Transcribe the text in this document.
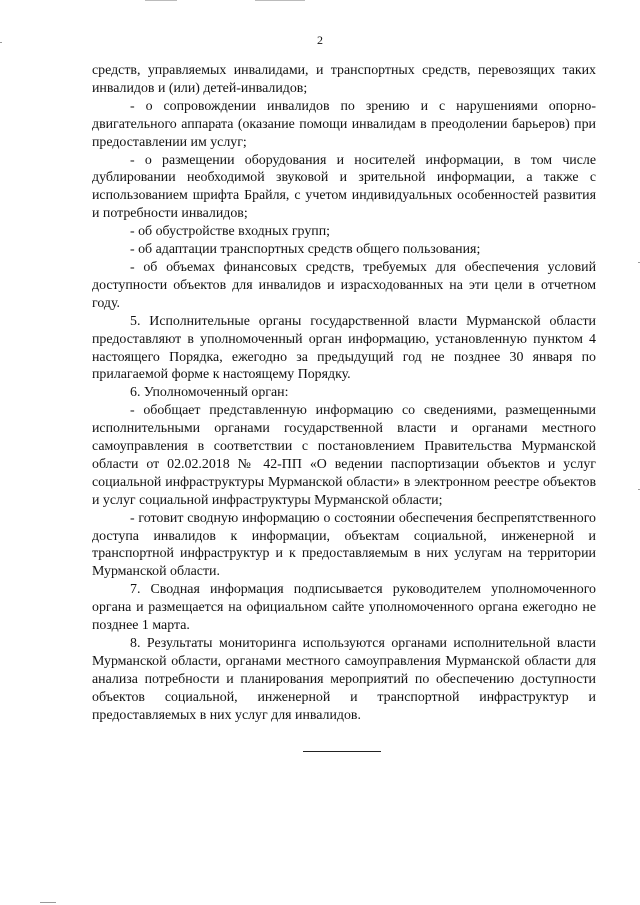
2

средств, управляемых инвалидами, и транспортных средств, перевозящих таких инвалидов и (или) детей-инвалидов;

- о сопровождении инвалидов по зрению и с нарушениями опорно-двигательного аппарата (оказание помощи инвалидам в преодолении барьеров) при предоставлении им услуг;

- о размещении оборудования и носителей информации, в том числе дублировании необходимой звуковой и зрительной информации, а также с использованием шрифта Брайля, с учетом индивидуальных особенностей развития и потребности инвалидов;

- об обустройстве входных групп;

- об адаптации транспортных средств общего пользования;

- об объемах финансовых средств, требуемых для обеспечения условий доступности объектов для инвалидов и израсходованных на эти цели в отчетном году.

5. Исполнительные органы государственной власти Мурманской области предоставляют в уполномоченный орган информацию, установленную пунктом 4 настоящего Порядка, ежегодно за предыдущий год не позднее 30 января по прилагаемой форме к настоящему Порядку.

6. Уполномоченный орган:

- обобщает представленную информацию со сведениями, размещенными исполнительными органами государственной власти и органами местного самоуправления в соответствии с постановлением Правительства Мурманской области от 02.02.2018 № 42-ПП «О ведении паспортизации объектов и услуг социальной инфраструктуры Мурманской области» в электронном реестре объектов и услуг социальной инфраструктуры Мурманской области;

- готовит сводную информацию о состоянии обеспечения беспрепятственного доступа инвалидов к информации, объектам социальной, инженерной и транспортной инфраструктур и к предоставляемым в них услугам на территории Мурманской области.

7. Сводная информация подписывается руководителем уполномоченного органа и размещается на официальном сайте уполномоченного органа ежегодно не позднее 1 марта.

8. Результаты мониторинга используются органами исполнительной власти Мурманской области, органами местного самоуправления Мурманской области для анализа потребности и планирования мероприятий по обеспечению доступности объектов социальной, инженерной и транспортной инфраструктур и предоставляемых в них услуг для инвалидов.
